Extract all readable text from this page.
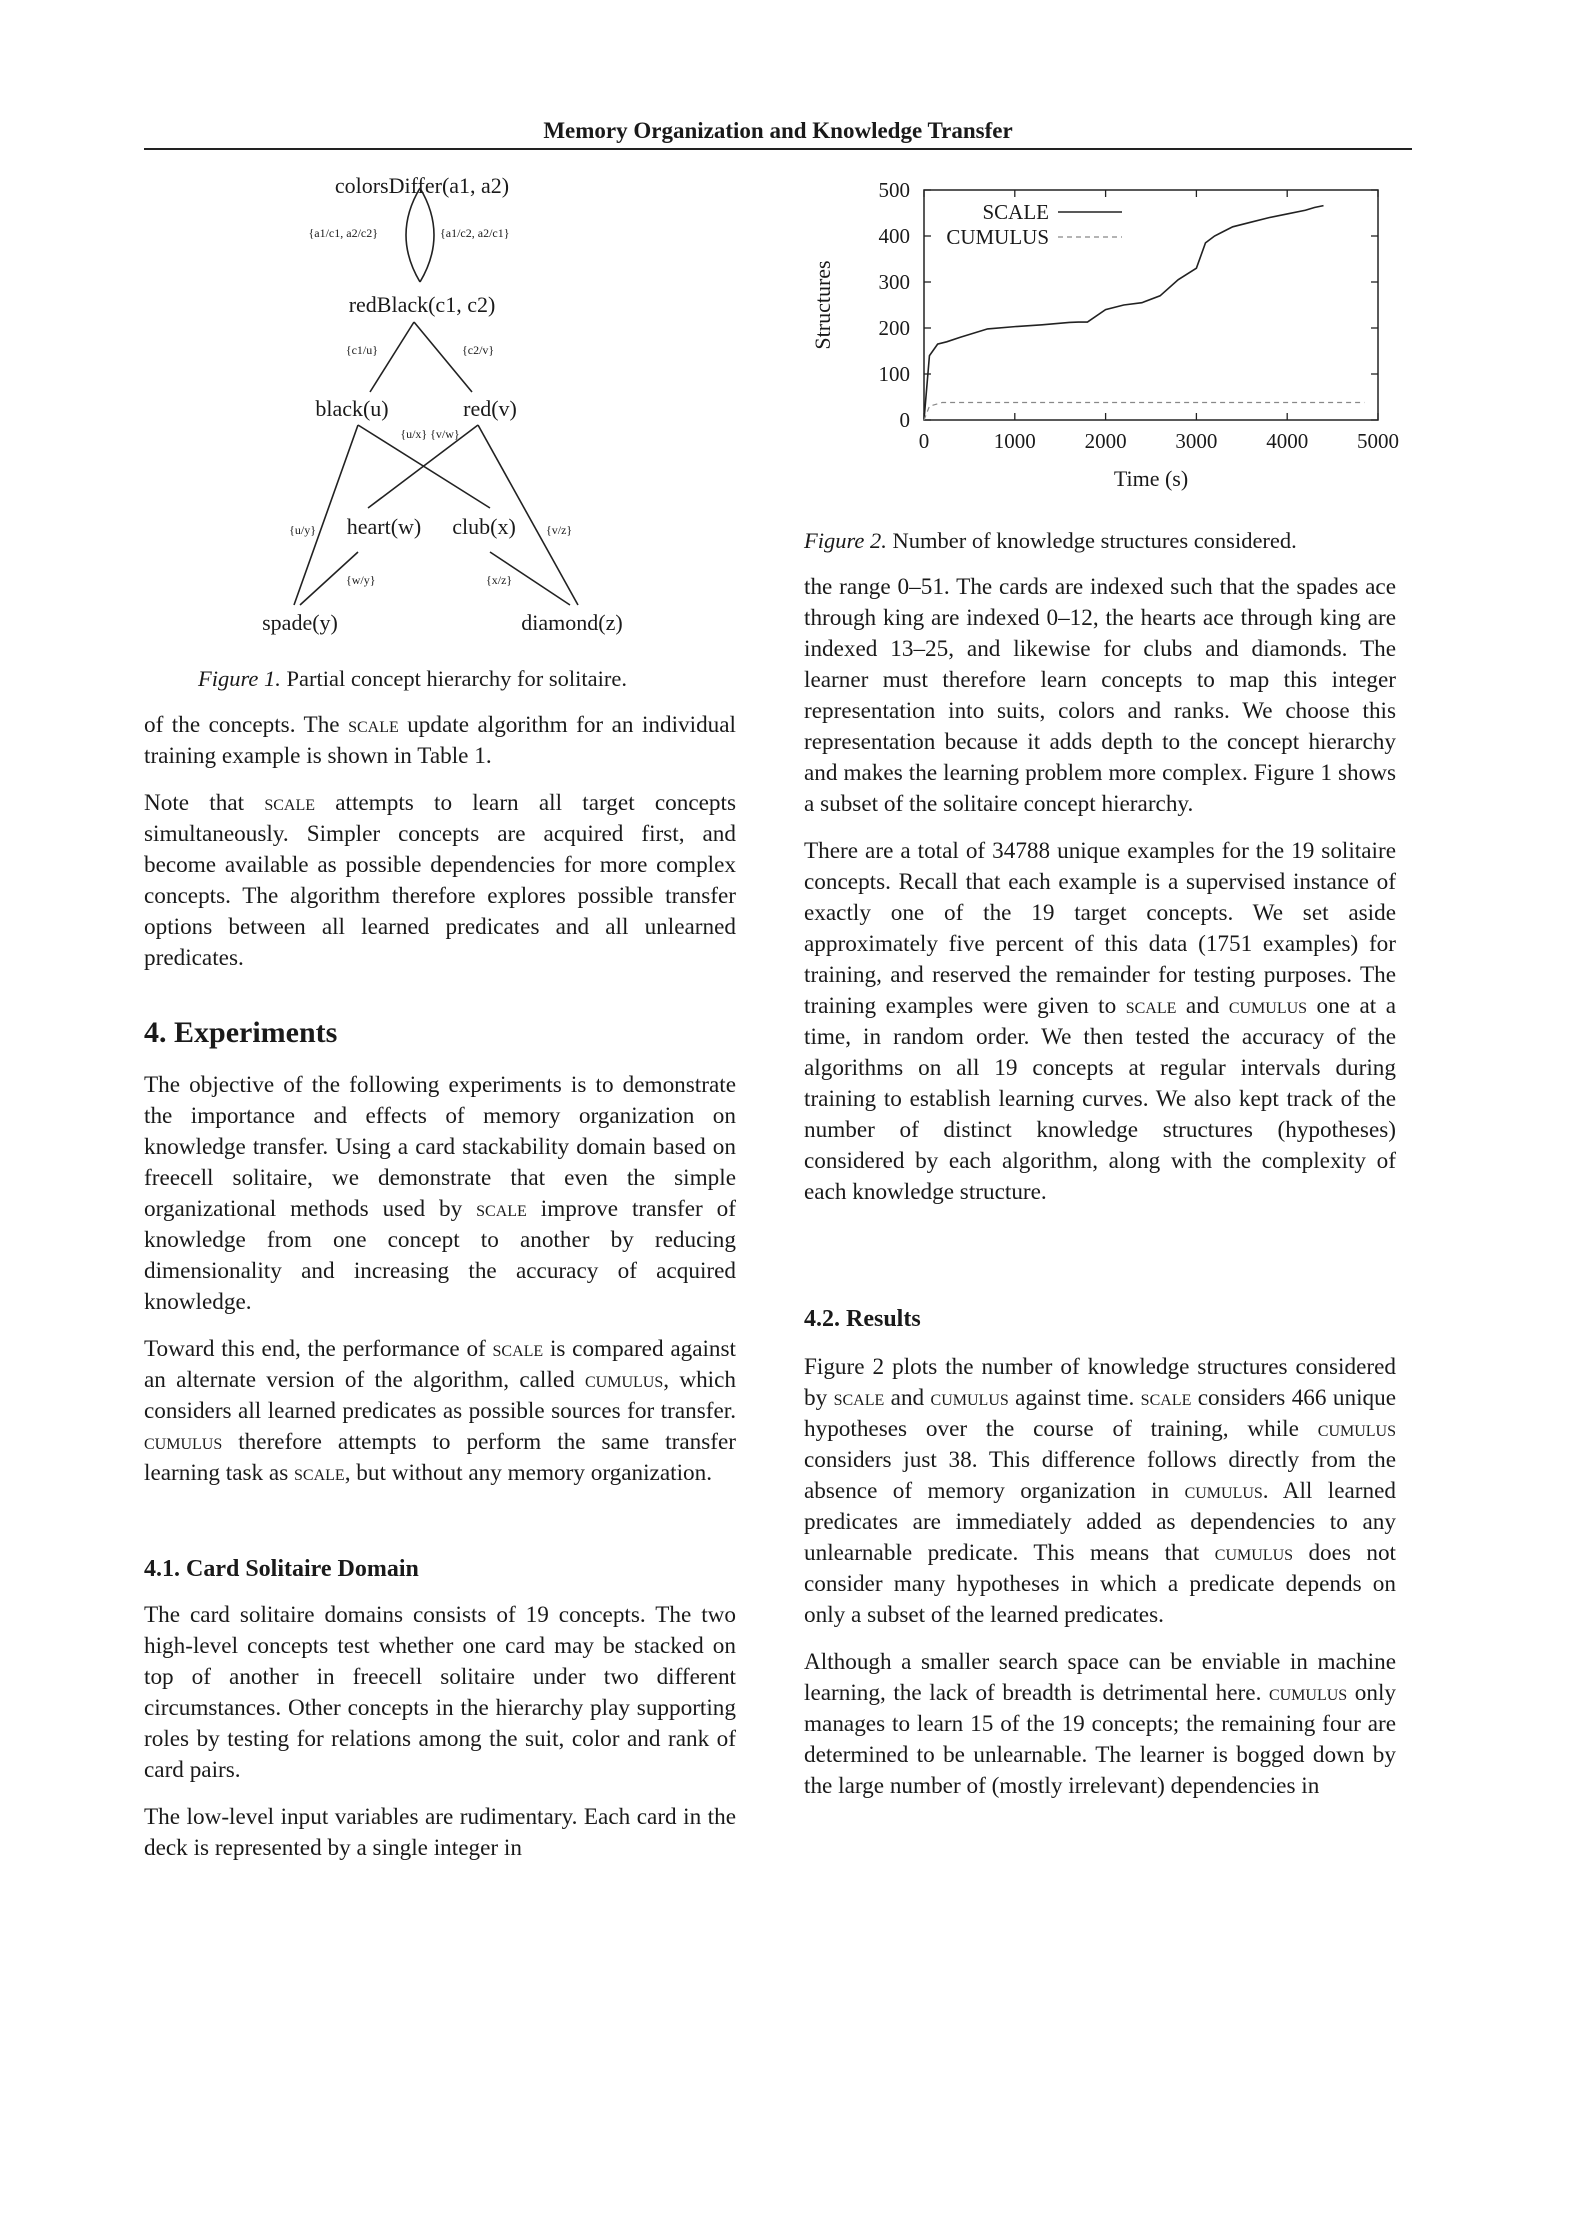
Memory Organization and Knowledge Transfer
colorsDiffer(a1, a2)
{a1/c1, a2/c2}	{a1/c2, a2/c1}
redBlack(c1, c2)
{c1/u}	{c2/v}
black(u)	red(v)
{u/x} {v/w}
heart(w) club(x)
{u/y}	{v/z}
{w/y}	{x/z}
spade(y)	diamond(z)
Figure 1. Partial concept hierarchy for solitaire.
0	1000 2000 3000 4000 5000
0
100
200
300
400
500
Time (s)
Structures
SCALE
CUMULUS
Figure 2. Number of knowledge structures considered.

of the concepts. The scale update algorithm for an individual training example is shown in Table 1.

Note that scale attempts to learn all target concepts simultaneously. Simpler concepts are acquired first, and become available as possible dependencies for more complex concepts. The algorithm therefore explores possible transfer options between all learned predicates and all unlearned predicates.

4. Experiments

The objective of the following experiments is to demonstrate the importance and effects of memory organization on knowledge transfer. Using a card stackability domain based on freecell solitaire, we demonstrate that even the simple organizational methods used by scale improve transfer of knowledge from one concept to another by reducing dimensionality and increasing the accuracy of acquired knowledge.

Toward this end, the performance of scale is compared against an alternate version of the algorithm, called cumulus, which considers all learned predicates as possible sources for transfer. cumulus therefore attempts to perform the same transfer learning task as scale, but without any memory organization.

4.1. Card Solitaire Domain

The card solitaire domains consists of 19 concepts. The two high-level concepts test whether one card may be stacked on top of another in freecell solitaire under two different circumstances. Other concepts in the hierarchy play supporting roles by testing for relations among the suit, color and rank of card pairs.

The low-level input variables are rudimentary. Each card in the deck is represented by a single integer in

the range 0–51. The cards are indexed such that the spades ace through king are indexed 0–12, the hearts ace through king are indexed 13–25, and likewise for clubs and diamonds. The learner must therefore learn concepts to map this integer representation into suits, colors and ranks. We choose this representation because it adds depth to the concept hierarchy and makes the learning problem more complex. Figure 1 shows a subset of the solitaire concept hierarchy.

There are a total of 34788 unique examples for the 19 solitaire concepts. Recall that each example is a supervised instance of exactly one of the 19 target concepts. We set aside approximately five percent of this data (1751 examples) for training, and reserved the remainder for testing purposes. The training examples were given to scale and cumulus one at a time, in random order. We then tested the accuracy of the algorithms on all 19 concepts at regular intervals during training to establish learning curves. We also kept track of the number of distinct knowledge structures (hypotheses) considered by each algorithm, along with the complexity of each knowledge structure.

4.2. Results

Figure 2 plots the number of knowledge structures considered by scale and cumulus against time. scale considers 466 unique hypotheses over the course of training, while cumulus considers just 38. This difference follows directly from the absence of memory organization in cumulus. All learned predicates are immediately added as dependencies to any unlearnable predicate. This means that cumulus does not consider many hypotheses in which a predicate depends on only a subset of the learned predicates.

Although a smaller search space can be enviable in machine learning, the lack of breadth is detrimental here. cumulus only manages to learn 15 of the 19 concepts; the remaining four are determined to be unlearnable. The learner is bogged down by the large number of (mostly irrelevant) dependencies in
